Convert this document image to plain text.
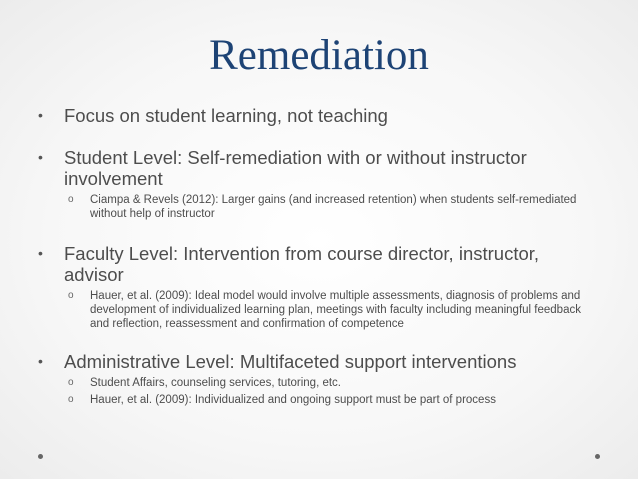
Remediation
• Focus on student learning, not teaching
• Student Level: Self-remediation with or without instructor involvement
o Ciampa & Revels (2012): Larger gains (and increased retention) when students self-remediated without help of instructor
• Faculty Level: Intervention from course director, instructor, advisor
o Hauer, et al. (2009): Ideal model would involve multiple assessments, diagnosis of problems and development of individualized learning plan, meetings with faculty including meaningful feedback and reflection, reassessment and confirmation of competence
• Administrative Level: Multifaceted support interventions
o Student Affairs, counseling services, tutoring, etc.
o Hauer, et al. (2009): Individualized and ongoing support must be part of process
